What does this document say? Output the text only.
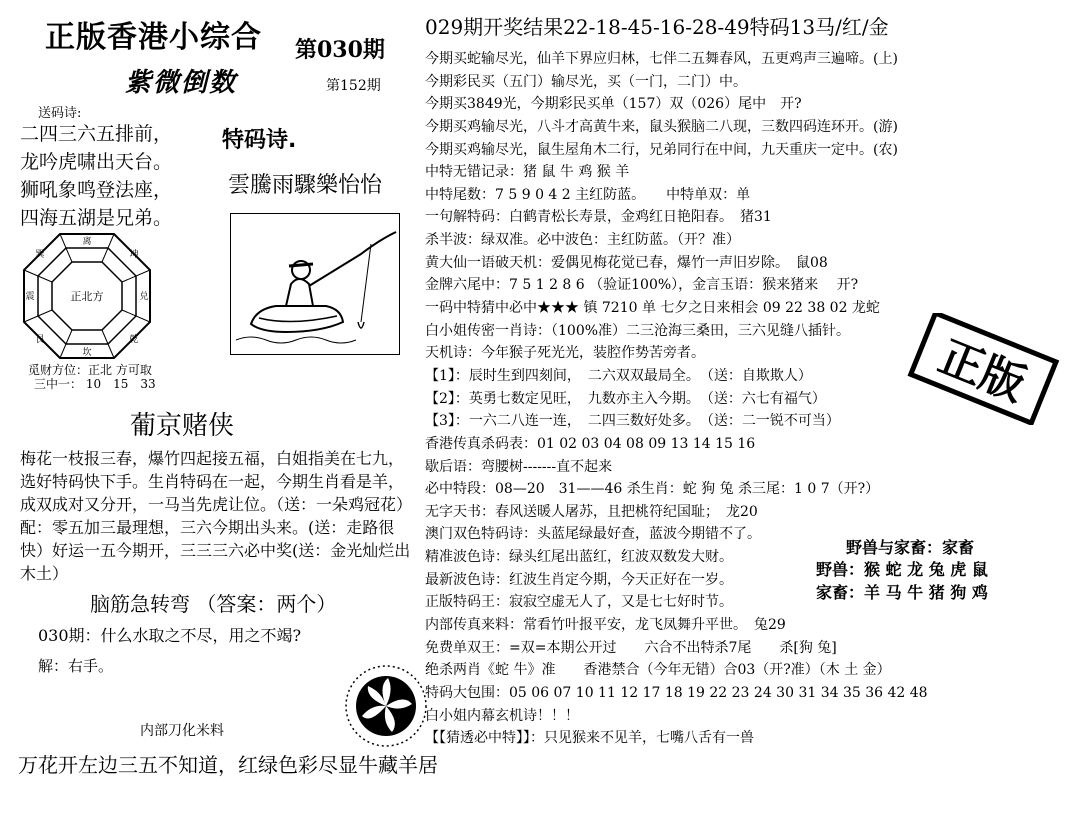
正版香港小综合 第030期
紫微倒数	第152期
送码诗:
二四三六五排前，
龙吟虎啸出天台。
狮吼象鸣登法座，
四海五湖是兄弟。
特码诗.
雲騰雨驟樂怡怡
正北方
离
坤
兑
乾
坎
艮
震
巽
觅财方位：正北 方可取
三中一： 10　15　33
葡京赌侠
梅花一枝报三春，爆竹四起接五福，白姐指美在七九，选好特码快下手。生肖特码在一起，今期生肖看是羊，成双成对又分开，一马当先虎让位。（送：一朵鸡冠花）配：零五加三最理想，三六今期出头来。(送：走路很快）好运一五今期开，三三三六必中奖(送：金光灿烂出木土）
脑筋急转弯 （答案：两个）
030期：什么水取之不尽，用之不竭?
解：右手。
内部刀化米料
万花开左边三五不知道，红绿色彩尽显牛藏羊居
正版
029期开奖结果22-18-45-16-28-49特码13马/红/金
今期买蛇输尽光，仙羊下界应归林，七伴二五舞春风，五更鸡声三遍啼。(上)
今期彩民买（五门）输尽光，买（一门，二门）中。
今期买3849光，今期彩民买单（157）双（026）尾中　开?
今期买鸡输尽光，八斗才高黄牛来，鼠头猴脑二八现，三数四码连环开。(游)
今期买鸡输尽光，鼠生屋角木二行，兄弟同行在中间，九天重庆一定中。(农)
中特无错记录：猪 鼠 牛 鸡 猴 羊
中特尾数：7 5 9 0 4 2 主红防蓝。　　中特单双：单
一句解特码：白鹤青松长寿景，金鸡红日艳阳春。　猪31
杀半波：绿双准。必中波色：主红防蓝。（开？准）
黄大仙一语破天机：爱偶见梅花觉已春，爆竹一声旧岁除。　鼠08
金牌六尾中：7 5 1 2 8 6 （验证100%），金言玉语：猴来猪来　 开?
一码中特猜中必中★★★ 镇 7210 单 七夕之日来相会 09 22 38 02 龙蛇
白小姐传密一肖诗：（100%准）二三沧海三桑田，三六见缝八插针。
天机诗：今年猴子死光光，装腔作势苦旁者。
【1】：辰时生到四刻间，　二六双双最局全。　（送：自欺欺人）
【2】：英勇七数定见旺，　九数亦主入今期。　（送：六七有福气）
【3】：一六二八连一连，　二四三数好处多。　（送：二一锐不可当）
香港传真杀码表：01 02 03 04 08 09 13 14 15 16
歇后语：弯腰树-------直不起来
必中特段：08—20　31——46 杀生肖：蛇 狗 兔 杀三尾：1 0 7（开?）
无字天书：春风送暖人屠苏，且把桃符纪国耻；　龙20
澳门双色特码诗：头蓝尾绿最好查，蓝波今期错不了。
精准波色诗：绿头红尾出蓝红，红波双数发大财。
最新波色诗：红波生肖定今期，今天正好在一岁。
正版特码王：寂寂空虚无人了，又是七七好时节。
内部传真来料：常看竹叶报平安，龙飞凤舞升平世。　兔29
免费单双王：=双=本期公开过　　六合不出特杀7尾　　杀[狗 兔]
绝杀两肖《蛇 牛》准　　香港禁合（今年无错）合03（开?准）（木 土 金）
特码大包围：05 06 07 10 11 12 17 18 19 22 23 24 30 31 34 35 36 42 48
白小姐内幕玄机诗！！！
【【猜透必中特】】：只见猴来不见羊，七嘴八舌有一兽
野兽与家畜：家畜
野兽：猴 蛇 龙 兔 虎 鼠
家畜：羊 马 牛 猪 狗 鸡
